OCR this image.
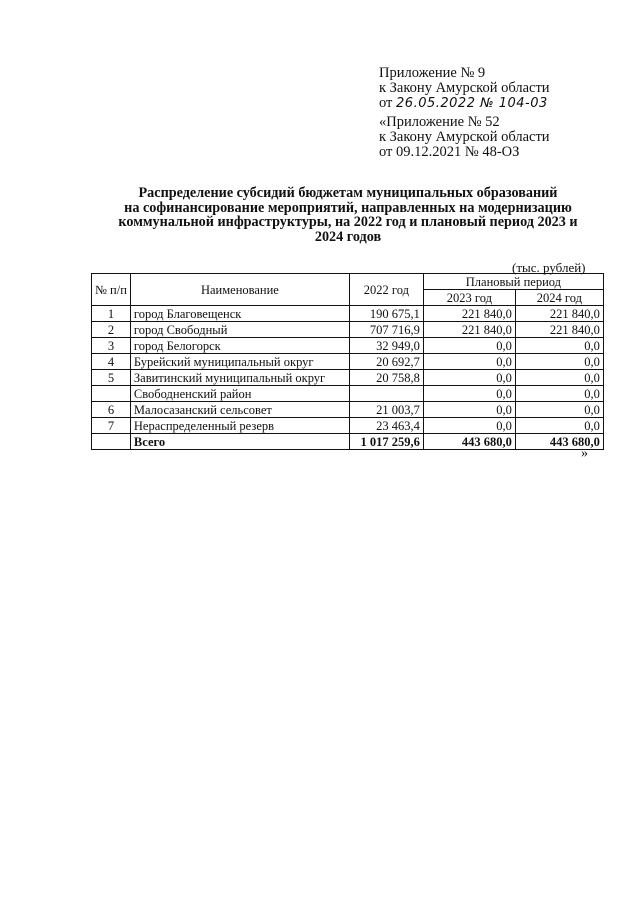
Приложение № 9
к Закону Амурской области
от 26.05.2022 № 104-03
«Приложение № 52
к Закону Амурской области
от 09.12.2021 № 48-ОЗ
Распределение субсидий бюджетам муниципальных образований
на софинансирование мероприятий, направленных на модернизацию
коммунальной инфраструктуры, на 2022 год и плановый период 2023 и
2024 годов
(тыс. рублей)
№ п/п	Наименование	2022 год	Плановый период	
			2023 год	2024 год
1	город Благовещенск	190 675,1	221 840,0	221 840,0
2	город Свободный	707 716,9	221 840,0	221 840,0
3	город Белогорск	32 949,0	0,0	0,0
4	Бурейский муниципальный округ	20 692,7	0,0	0,0
5	Завитинский муниципальный округ	20 758,8	0,0	0,0
	Свободненский район		0,0	0,0
6	Малосазанский сельсовет	21 003,7	0,0	0,0
7	Нераспределенный резерв	23 463,4	0,0	0,0
	Всего	1 017 259,6	443 680,0	443 680,0
»
